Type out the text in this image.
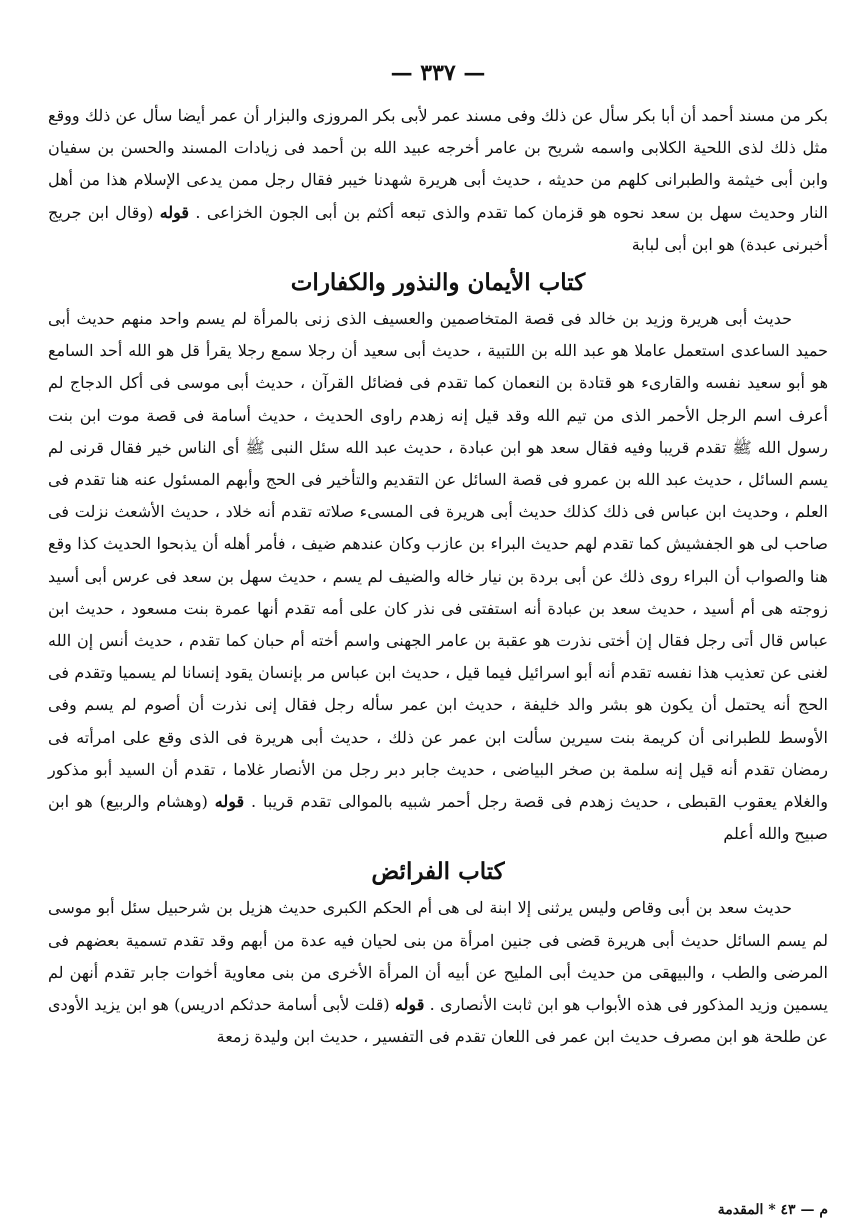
— ٣٣٧ —

بكر من مسند أحمد أن أبا بكر سأل عن ذلك وفى مسند عمر لأبى بكر المروزى والبزار أن عمر أيضا سأل عن ذلك ووقع مثل ذلك لذى اللحية الكلابى واسمه شريح بن عامر أخرجه عبيد الله بن أحمد فى زيادات المسند والحسن بن سفيان وابن أبى خيثمة والطبرانى كلهم من حديثه ، حديث أبى هريرة شهدنا خيبر فقال رجل ممن يدعى الإسلام هذا من أهل النار وحديث سهل بن سعد نحوه هو قزمان كما تقدم والذى تبعه أكثم بن أبى الجون الخزاعى . قوله (وقال ابن جريج أخبرنى عبدة) هو ابن أبى لبابة

كتاب الأيمان والنذور والكفارات

حديث أبى هريرة وزيد بن خالد فى قصة المتخاصمين والعسيف الذى زنى بالمرأة لم يسم واحد منهم حديث أبى حميد الساعدى استعمل عاملا هو عبد الله بن اللتبية ، حديث أبى سعيد أن رجلا سمع رجلا يقرأ قل هو الله أحد السامع هو أبو سعيد نفسه والقارىء هو قتادة بن النعمان كما تقدم فى فضائل القرآن ، حديث أبى موسى فى أكل الدجاج لم أعرف اسم الرجل الأحمر الذى من تيم الله وقد قيل إنه زهدم راوى الحديث ، حديث أسامة فى قصة موت ابن بنت رسول الله ﷺ تقدم قريبا وفيه فقال سعد هو ابن عبادة ، حديث عبد الله سئل النبى ﷺ أى الناس خير فقال قرنى لم يسم السائل ، حديث عبد الله بن عمرو فى قصة السائل عن التقديم والتأخير فى الحج وأبهم المسئول عنه هنا تقدم فى العلم ، وحديث ابن عباس فى ذلك كذلك حديث أبى هريرة فى المسىء صلاته تقدم أنه خلاد ، حديث الأشعث نزلت فى صاحب لى هو الجفشيش كما تقدم لهم حديث البراء بن عازب وكان عندهم ضيف ، فأمر أهله أن يذبحوا الحديث كذا وقع هنا والصواب أن البراء روى ذلك عن أبى بردة بن نيار خاله والضيف لم يسم ، حديث سهل بن سعد فى عرس أبى أسيد زوجته هى أم أسيد ، حديث سعد بن عبادة أنه استفتى فى نذر كان على أمه تقدم أنها عمرة بنت مسعود ، حديث ابن عباس قال أتى رجل فقال إن أختى نذرت هو عقبة بن عامر الجهنى واسم أخته أم حبان كما تقدم ، حديث أنس إن الله لغنى عن تعذيب هذا نفسه تقدم أنه أبو اسرائيل فيما قيل ، حديث ابن عباس مر بإنسان يقود إنسانا لم يسميا وتقدم فى الحج أنه يحتمل أن يكون هو بشر والد خليفة ، حديث ابن عمر سأله رجل فقال إنى نذرت أن أصوم لم يسم وفى الأوسط للطبرانى أن كريمة بنت سيرين سألت ابن عمر عن ذلك ، حديث أبى هريرة فى الذى وقع على امرأته فى رمضان تقدم أنه قيل إنه سلمة بن صخر البياضى ، حديث جابر دبر رجل من الأنصار غلاما ، تقدم أن السيد أبو مذكور والغلام يعقوب القبطى ، حديث زهدم فى قصة رجل أحمر شبيه بالموالى تقدم قريبا . قوله (وهشام والربيع) هو ابن صبيح والله أعلم

كتاب الفرائض

حديث سعد بن أبى وقاص وليس يرثنى إلا ابنة لى هى أم الحكم الكبرى حديث هزيل بن شرحبيل سئل أبو موسى لم يسم السائل حديث أبى هريرة قضى فى جنين امرأة من بنى لحيان فيه عدة من أبهم وقد تقدم تسمية بعضهم فى المرضى والطب ، والبيهقى من حديث أبى المليح عن أبيه أن المرأة الأخرى من بنى معاوية أخوات جابر تقدم أنهن لم يسمين وزيد المذكور فى هذه الأبواب هو ابن ثابت الأنصارى . قوله (قلت لأبى أسامة حدثكم ادريس) هو ابن يزيد الأودى عن طلحة هو ابن مصرف حديث ابن عمر فى اللعان تقدم فى التفسير ، حديث ابن وليدة زمعة

م — ٤٣ * المقدمة
